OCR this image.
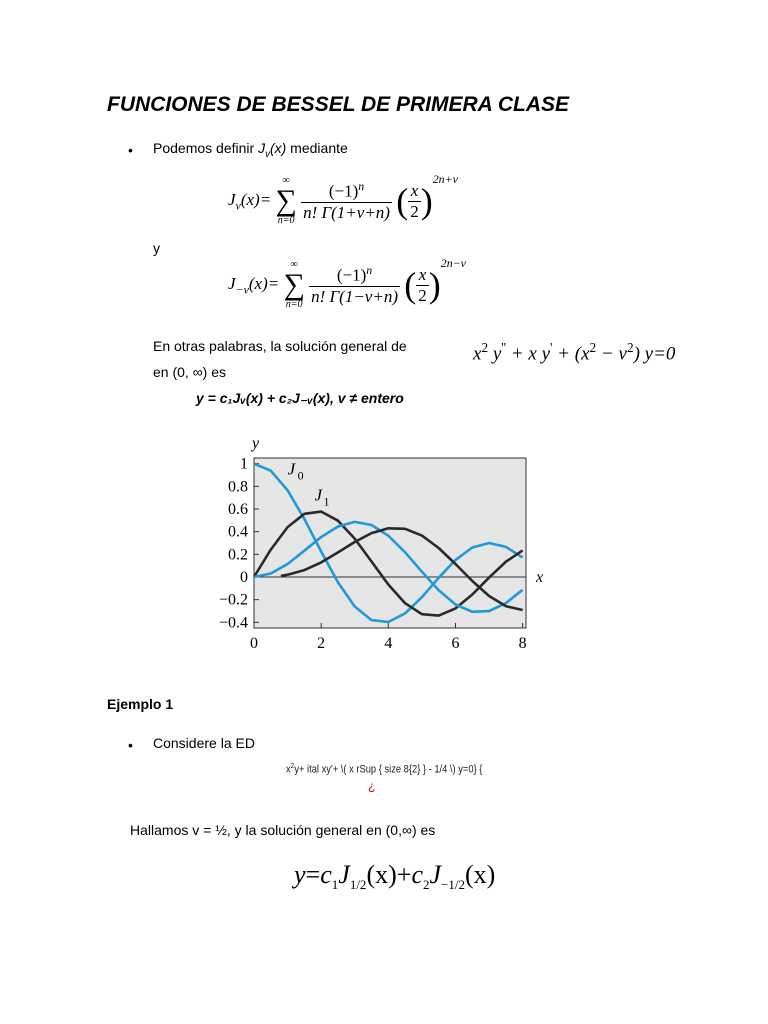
FUNCIONES DE BESSEL DE PRIMERA CLASE
• Podemos definir $J_v(x)$ mediante
$J_v(x)=$
∞
∑
n=0
$\frac{(-1)^n}{n! \Gamma(1+v+n)}$ ( $\frac{x}{2} )^{2n+v}$
y
$J_{-v}(x)=$
∞
∑
n=0
$\frac{(-1)^n}{n! \Gamma(1-v+n)}$ ( $\frac{x}{2} )^{2n-v}$
En otras palabras, la solución general de
en (0, ∞) es
y = c₁Jᵥ(x) + c₂J₋ᵥ(x), v ≠ entero
$x^2$ y'' + x $y' + (x^2 - v^2)$ y=0
1
0.8
0.6
0.4
0.2
0
−0.2
−0.4
0	2	4	6	8
x
y
J 0
J 1
Ejemplo 1
• Considere la ED
$x^2y+$ ital xy'+ \( x rSup { size 8{2} } - 1/4 \) y=0} {
¿
Hallamos v = ½, y la solución general en (0,∞) es
$y=c_1J_{1/2}(x)+c_2J_{-1/2}(x)$
